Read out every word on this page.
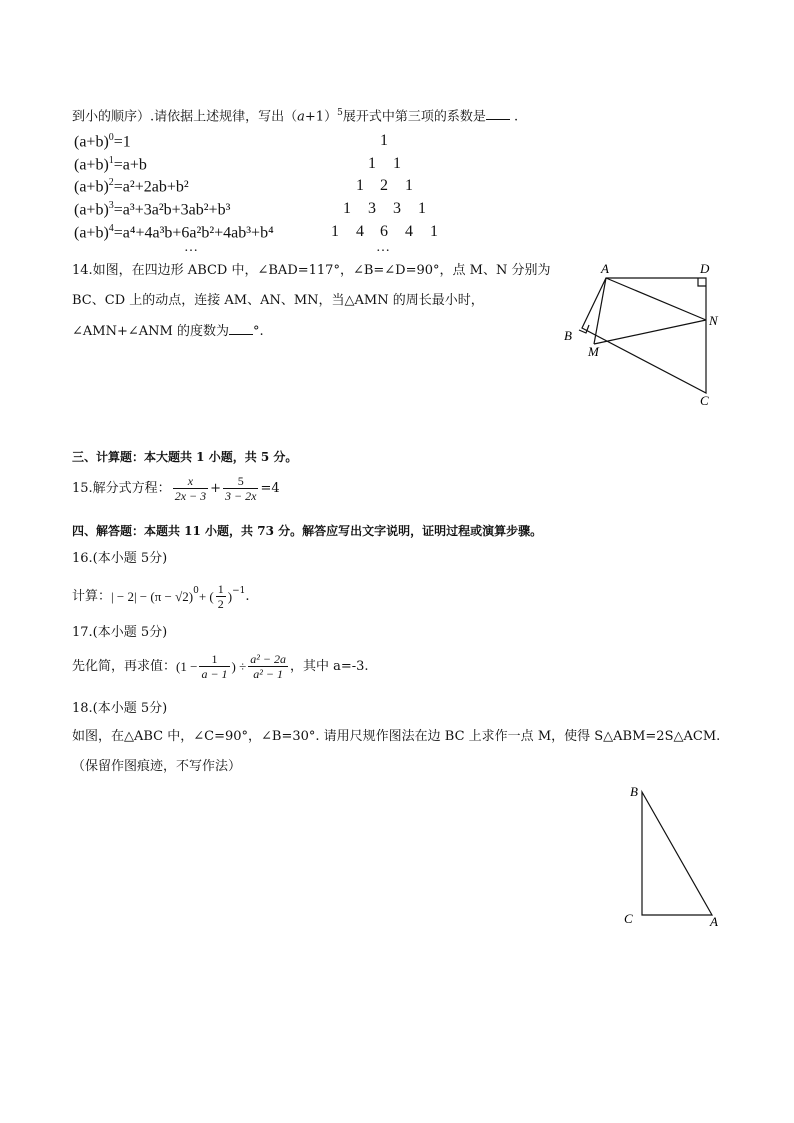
到小的顺序）.请依据上述规律，写出$(a+1)^5$展开式中第三项的系数是 .
$(a+b)^0=1$
$(a+b)^1=a+b$
$(a+b)^2=a^2+2ab+b^2$
$(a+b)^3=a^3+3a^2b+3ab^2+b^3$
$(a+b)^4=a^4+4a^3b+6a^2b^2+4ab^3+b^4$
…
1
1 1
1 2 1
1 3 3 1
1 4 6 4 1
…
14.如图，在四边形 ABCD 中，∠BAD=117°，∠B=∠D=90°，点 M、N 分别为
BC、CD 上的动点，连接 AM、AN、MN，当△AMN 的周长最小时，
∠AMN+∠ANM 的度数为 °.
A	D
N
B
M
C
三、计算题：本大题共 1 小题，共 5 分。
15.解分式方程： $\frac{x}{2x - 3} + \frac{5}{3 - 2x} =4$
四、解答题：本题共 11 小题，共 73 分。解答应写出文字说明，证明过程或演算步骤。
16.(本小题 5分)
计算： | − $2| - (\pi - √2)^0$ + ( $\frac{1}{2} )^{-1}$ .
17.(本小题 5分)
先化简，再求值： ($1 - \frac{1}{a - 1}$ ) ÷ $\frac{\text{a² − 2a}}{\text{a² − 1}}$ ，其中 a=-3.
18.(本小题 5分)
如图，在△ABC 中，∠C=90°，∠B=30°. 请用尺规作图法在边 BC 上求作一点 M，使得 S△ABM=2S△ACM.
（保留作图痕迹，不写作法）
B
C	A
